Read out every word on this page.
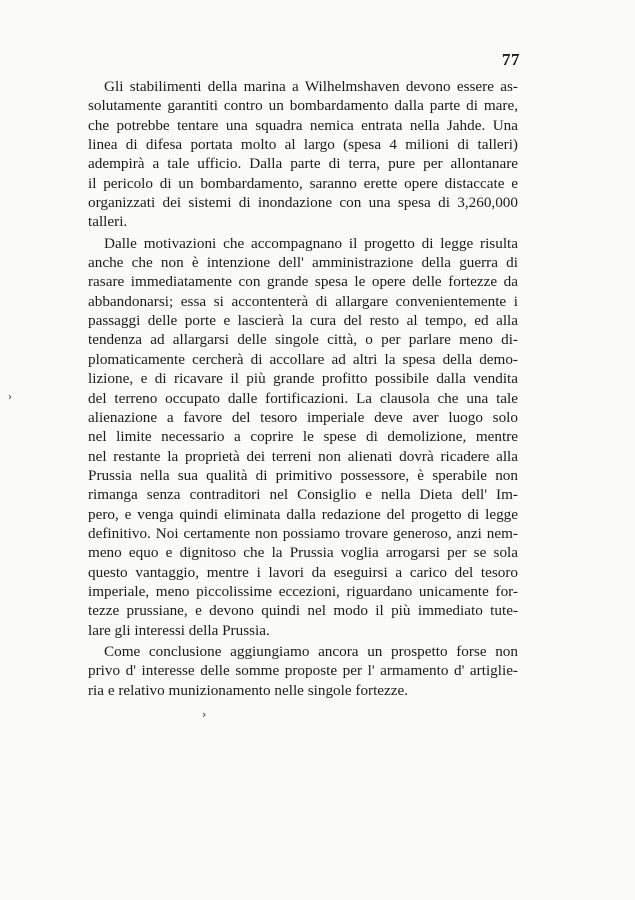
77
Gli stabilimenti della marina a Wilhelmshaven devono essere as-
solutamente garantiti contro un bombardamento dalla parte di mare,
che potrebbe tentare una squadra nemica entrata nella Jahde. Una
linea di difesa portata molto al largo (spesa 4 milioni di talleri)
adempirà a tale ufficio. Dalla parte di terra, pure per allontanare
il pericolo di un bombardamento, saranno erette opere distaccate e
organizzati dei sistemi di inondazione con una spesa di 3,260,000
talleri.
Dalle motivazioni che accompagnano il progetto di legge risulta
anche che non è intenzione dell' amministrazione della guerra di
rasare immediatamente con grande spesa le opere delle fortezze da
abbandonarsi; essa si accontenterà di allargare convenientemente i
passaggi delle porte e lascierà la cura del resto al tempo, ed alla
tendenza ad allargarsi delle singole città, o per parlare meno di-
plomaticamente cercherà di accollare ad altri la spesa della demo-
lizione, e di ricavare il più grande profitto possibile dalla vendita
del terreno occupato dalle fortificazioni. La clausola che una tale
alienazione a favore del tesoro imperiale deve aver luogo solo
nel limite necessario a coprire le spese di demolizione, mentre
nel restante la proprietà dei terreni non alienati dovrà ricadere alla
Prussia nella sua qualità di primitivo possessore, è sperabile non
rimanga senza contraditori nel Consiglio e nella Dieta dell' Im-
pero, e venga quindi eliminata dalla redazione del progetto di legge
definitivo. Noi certamente non possiamo trovare generoso, anzi nem-
meno equo e dignitoso che la Prussia voglia arrogarsi per se sola
questo vantaggio, mentre i lavori da eseguirsi a carico del tesoro
imperiale, meno piccolissime eccezioni, riguardano unicamente for-
tezze prussiane, e devono quindi nel modo il più immediato tute-
lare gli interessi della Prussia.
Come conclusione aggiungiamo ancora un prospetto forse non
privo d' interesse delle somme proposte per l' armamento d' artiglie-
ria e relativo munizionamento nelle singole fortezze.
›
›
